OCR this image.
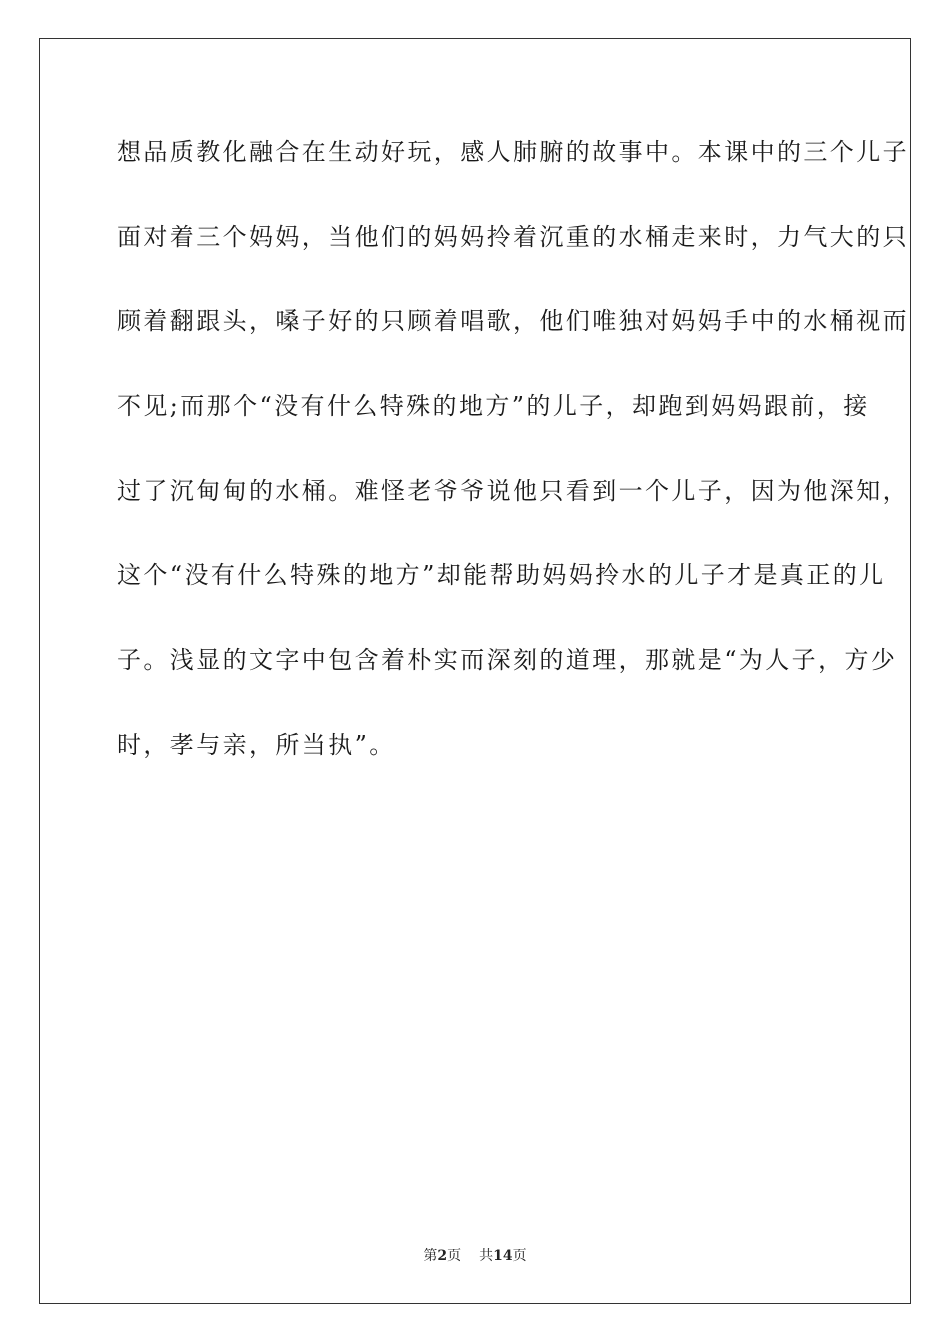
想品质教化融合在生动好玩，感人肺腑的故事中。本课中的三个儿子
面对着三个妈妈，当他们的妈妈拎着沉重的水桶走来时，力气大的只
顾着翻跟头，嗓子好的只顾着唱歌，他们唯独对妈妈手中的水桶视而
不见;而那个“没有什么特殊的地方”的儿子，却跑到妈妈跟前，接
过了沉甸甸的水桶。难怪老爷爷说他只看到一个儿子，因为他深知，
这个“没有什么特殊的地方”却能帮助妈妈拎水的儿子才是真正的儿
子。浅显的文字中包含着朴实而深刻的道理，那就是“为人子，方少
时，孝与亲，所当执”。
第2页 共14页
